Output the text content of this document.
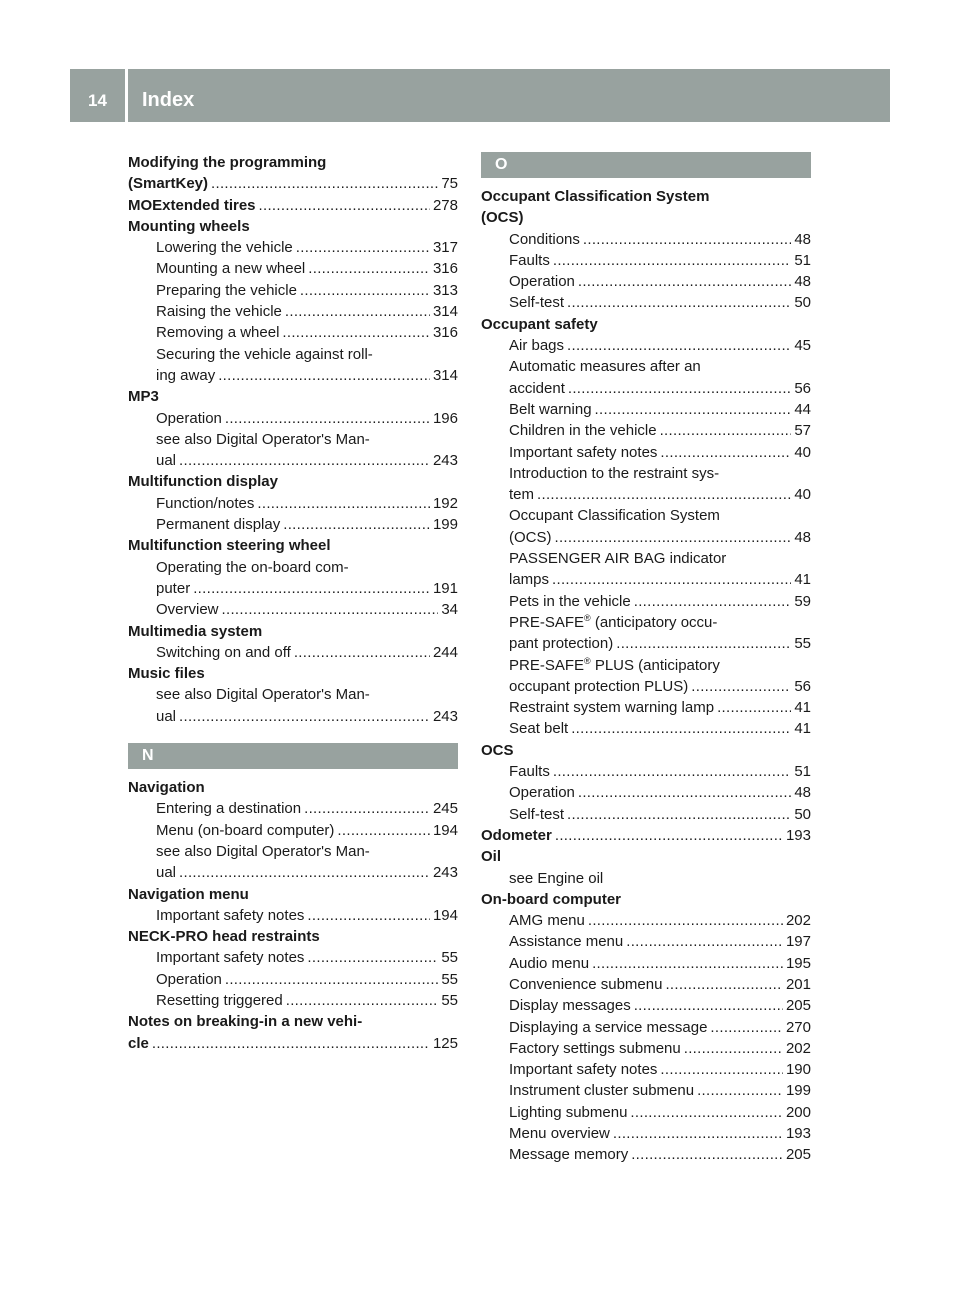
14	Index
Modifying the programming
(SmartKey) .....	75
MOExtended tires .....	278
Mounting wheels
Lowering the vehicle .....	317
Mounting a new wheel .....	316
Preparing the vehicle .....	313
Raising the vehicle .....	314
Removing a wheel .....	316
Securing the vehicle against roll-
ing away .....	314
MP3
Operation .....	196
see also Digital Operator's Man-
ual .....	243
Multifunction display
Function/notes .....	192
Permanent display .....	199
Multifunction steering wheel
Operating the on-board com-
puter .....	191
Overview .....	34
Multimedia system
Switching on and off .....	244
Music files
see also Digital Operator's Man-
ual .....	243
N
Navigation
Entering a destination .....	245
Menu (on-board computer) .....	194
see also Digital Operator's Man-
ual .....	243
Navigation menu
Important safety notes .....	194
NECK-PRO head restraints
Important safety notes .....	55
Operation .....	55
Resetting triggered .....	55
Notes on breaking-in a new vehi-
cle .....	125
O
Occupant Classification System
(OCS)
Conditions .....	48
Faults .....	51
Operation .....	48
Self-test .....	50
Occupant safety
Air bags .....	45
Automatic measures after an
accident .....	56
Belt warning .....	44
Children in the vehicle .....	57
Important safety notes .....	40
Introduction to the restraint sys-
tem .....	40
Occupant Classification System
(OCS) .....	48
PASSENGER AIR BAG indicator
lamps .....	41
Pets in the vehicle .....	59
PRE-SAFE® (anticipatory occu-
pant protection) .....	55
PRE-SAFE® PLUS (anticipatory
occupant protection PLUS) .....	56
Restraint system warning lamp .....	41
Seat belt .....	41
OCS
Faults .....	51
Operation .....	48
Self-test .....	50
Odometer .....	193
Oil
see Engine oil
On-board computer
AMG menu .....	202
Assistance menu .....	197
Audio menu .....	195
Convenience submenu .....	201
Display messages .....	205
Displaying a service message .....	270
Factory settings submenu .....	202
Important safety notes .....	190
Instrument cluster submenu .....	199
Lighting submenu .....	200
Menu overview .....	193
Message memory .....	205
